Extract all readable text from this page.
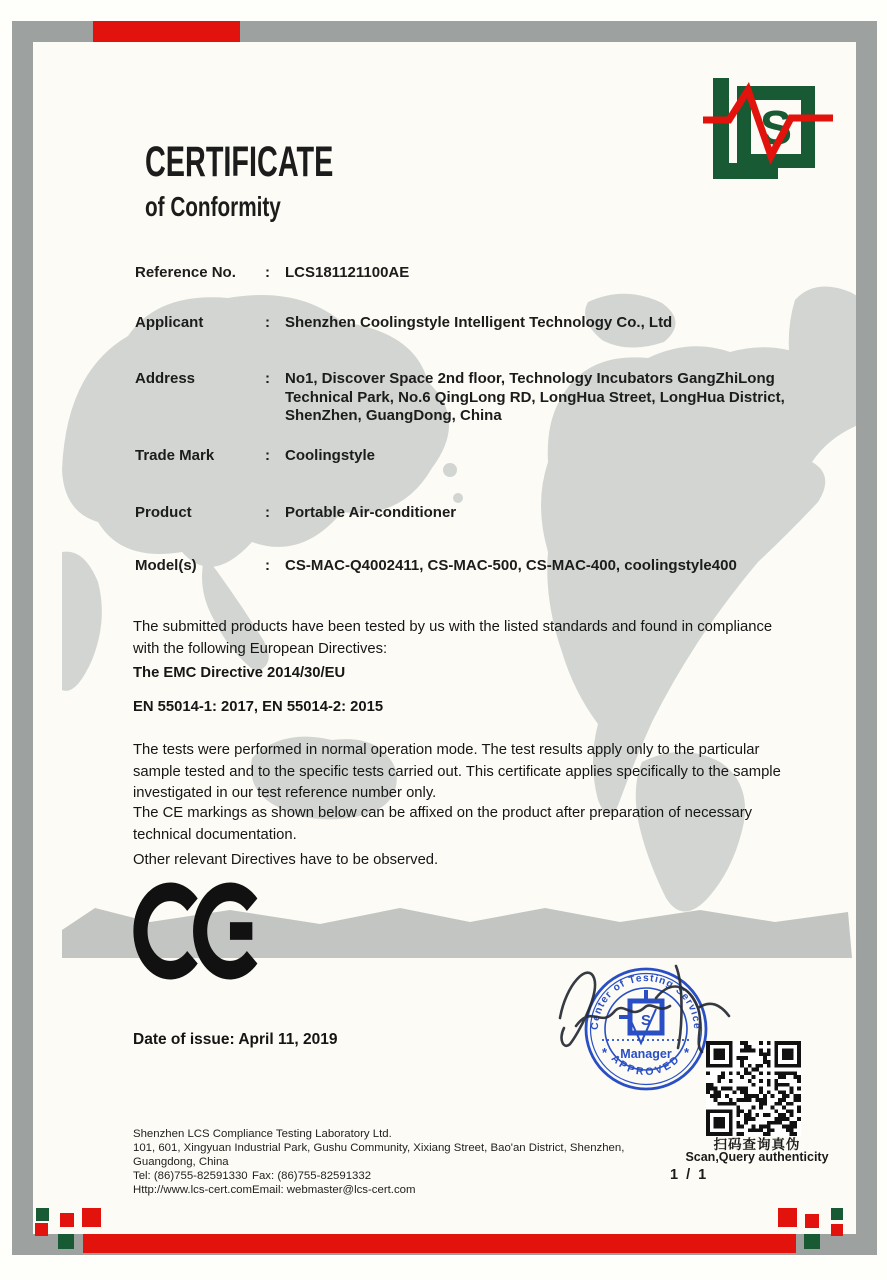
S
CERTIFICATE
of Conformity
Reference No.	:	LCS181121100AE
Applicant	:	Shenzhen Coolingstyle Intelligent Technology Co., Ltd
Address	:	No1, Discover Space 2nd floor, Technology Incubators GangZhiLong Technical Park, No.6 QingLong RD, LongHua Street, LongHua District, ShenZhen, GuangDong, China
Trade Mark	:	Coolingstyle
Product	:	Portable Air-conditioner
Model(s)	:	CS-MAC-Q4002411, CS-MAC-500, CS-MAC-400, coolingstyle400
The submitted products have been tested by us with the listed standards and found in compliance with the following European Directives:
The EMC Directive 2014/30/EU
EN 55014-1: 2017, EN 55014-2: 2015
The tests were performed in normal operation mode. The test results apply only to the particular sample tested and to the specific tests carried out. This certificate applies specifically to the sample investigated in our test reference number only.
The CE markings as shown below can be affixed on the product after preparation of necessary technical documentation.
Other relevant Directives have to be observed.
Date of issue: April 11, 2019
Center of Testing Service
APPROVED
*	*
Manager
S
扫码查询真伪
Scan,Query authenticity
Shenzhen LCS Compliance Testing Laboratory Ltd.
101, 601, Xingyuan Industrial Park, Gushu Community, Xixiang Street, Bao'an District, Shenzhen,
Guangdong, China
Tel: (86)755-82591330 Fax: (86)755-82591332
Http://www.lcs-cert.com Email: webmaster@lcs-cert.com
1 / 1
